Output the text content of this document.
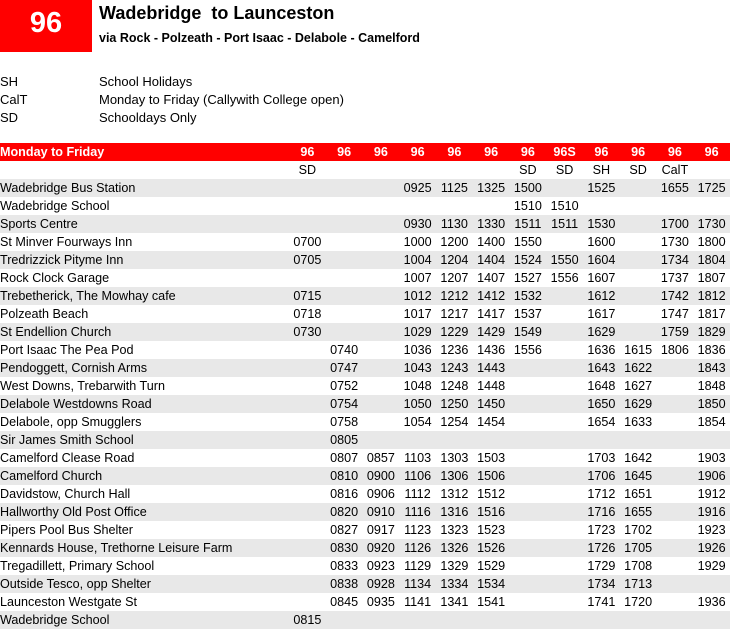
96	Wadebridge  to Launceston
via Rock - Polzeath - Port Isaac - Delabole - Camelford
SH	School Holidays
CalT	Monday to Friday (Callywith College open)
SD	Schooldays Only
Monday to Friday	96	96	96	96	96	96	96	96S	96	96	96	96
	SD						SD	SD	SH	SD	CalT	
Wadebridge Bus Station				0925	1125	1325	1500		1525		1655	1725
Wadebridge School							1510	1510				
Sports Centre				0930	1130	1330	1511	1511	1530		1700	1730
St Minver Fourways Inn	0700			1000	1200	1400	1550		1600		1730	1800
Tredrizzick Pityme Inn	0705			1004	1204	1404	1524	1550	1604		1734	1804
Rock Clock Garage				1007	1207	1407	1527	1556	1607		1737	1807
Trebetherick, The Mowhay cafe	0715			1012	1212	1412	1532		1612		1742	1812
Polzeath Beach	0718			1017	1217	1417	1537		1617		1747	1817
St Endellion Church	0730			1029	1229	1429	1549		1629		1759	1829
Port Isaac The Pea Pod		0740		1036	1236	1436	1556		1636	1615	1806	1836
Pendoggett, Cornish Arms		0747		1043	1243	1443			1643	1622		1843
West Downs, Trebarwith Turn		0752		1048	1248	1448			1648	1627		1848
Delabole Westdowns Road		0754		1050	1250	1450			1650	1629		1850
Delabole, opp Smugglers		0758		1054	1254	1454			1654	1633		1854
Sir James Smith School		0805										
Camelford Clease Road		0807	0857	1103	1303	1503			1703	1642		1903
Camelford Church		0810	0900	1106	1306	1506			1706	1645		1906
Davidstow, Church Hall		0816	0906	1112	1312	1512			1712	1651		1912
Hallworthy Old Post Office		0820	0910	1116	1316	1516			1716	1655		1916
Pipers Pool Bus Shelter		0827	0917	1123	1323	1523			1723	1702		1923
Kennards House, Trethorne Leisure Farm		0830	0920	1126	1326	1526			1726	1705		1926
Tregadillett, Primary School		0833	0923	1129	1329	1529			1729	1708		1929
Outside Tesco, opp Shelter		0838	0928	1134	1334	1534			1734	1713		
Launceston Westgate St		0845	0935	1141	1341	1541			1741	1720		1936
Wadebridge School	0815											
